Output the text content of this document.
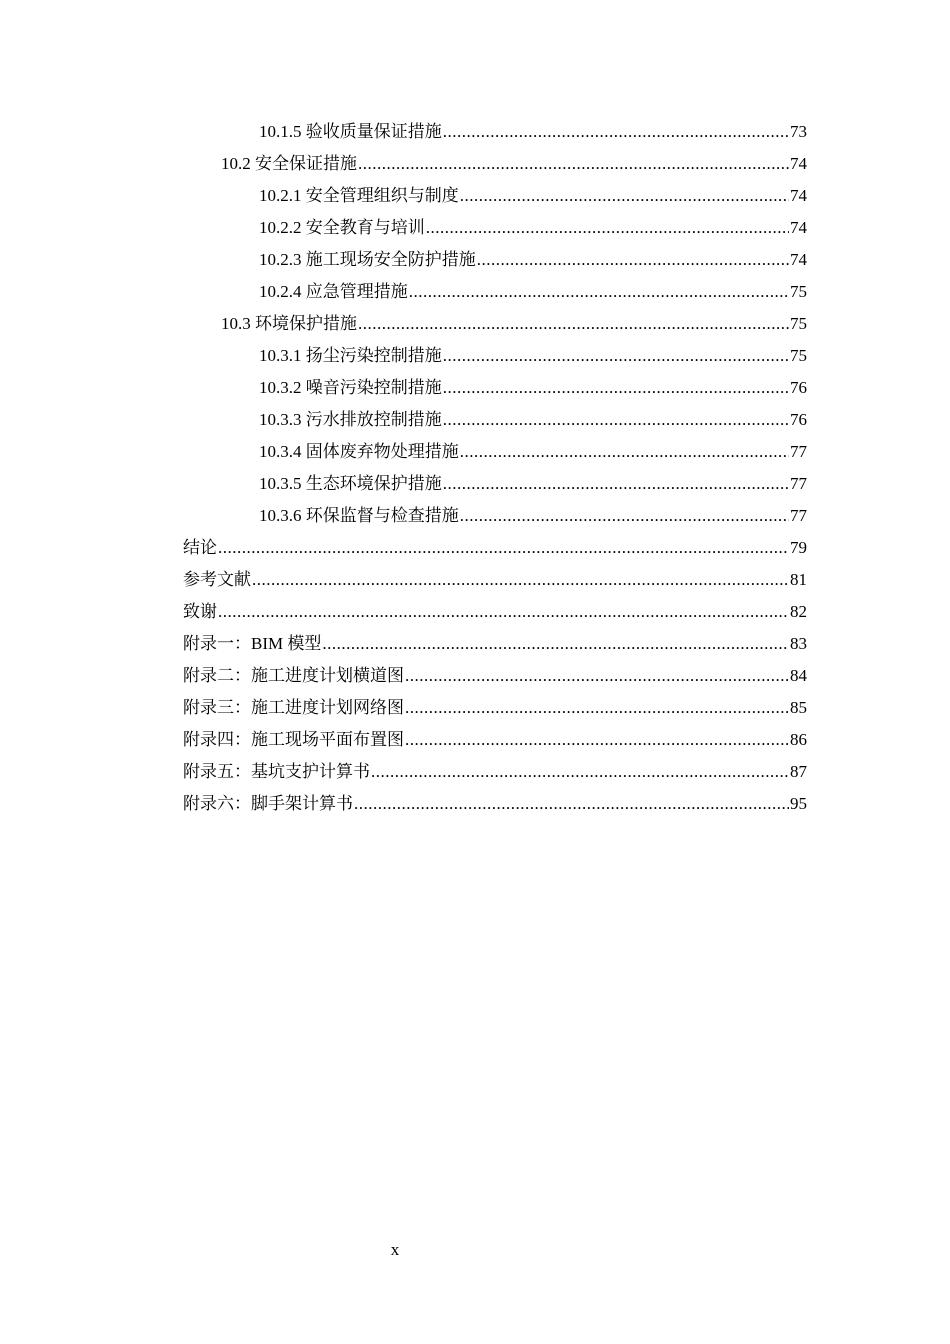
10.1.5 验收质量保证措施 .....	73
10.2 安全保证措施 .....	74
10.2.1 安全管理组织与制度 .....	74
10.2.2 安全教育与培训 .....	74
10.2.3 施工现场安全防护措施 .....	74
10.2.4 应急管理措施 .....	75
10.3 环境保护措施 .....	75
10.3.1 扬尘污染控制措施 .....	75
10.3.2 噪音污染控制措施 .....	76
10.3.3 污水排放控制措施 .....	76
10.3.4 固体废弃物处理措施 .....	77
10.3.5 生态环境保护措施 .....	77
10.3.6 环保监督与检查措施 .....	77
结论 .....	79
参考文献 .....	81
致谢 .....	82
附录一：BIM 模型 .....	83
附录二：施工进度计划横道图 .....	84
附录三：施工进度计划网络图 .....	85
附录四：施工现场平面布置图 .....	86
附录五：基坑支护计算书 .....	87
附录六：脚手架计算书 .....	95
x
